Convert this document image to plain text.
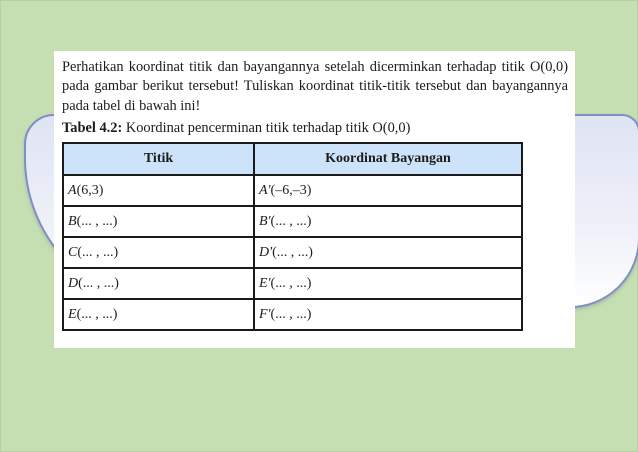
Perhatikan koordinat titik dan bayangannya setelah dicerminkan terhadap titik O(0,0) pada gambar berikut tersebut! Tuliskan koordinat titik-titik tersebut dan bayangannya pada tabel di bawah ini!

Tabel 4.2: Koordinat pencerminan titik terhadap titik O(0,0)

Titik	Koordinat Bayangan
A(6,3)	A'(–6,–3)
B(... , ...)	B'(... , ...)
C(... , ...)	D'(... , ...)
D(... , ...)	E'(... , ...)
E(... , ...)	F'(... , ...)
